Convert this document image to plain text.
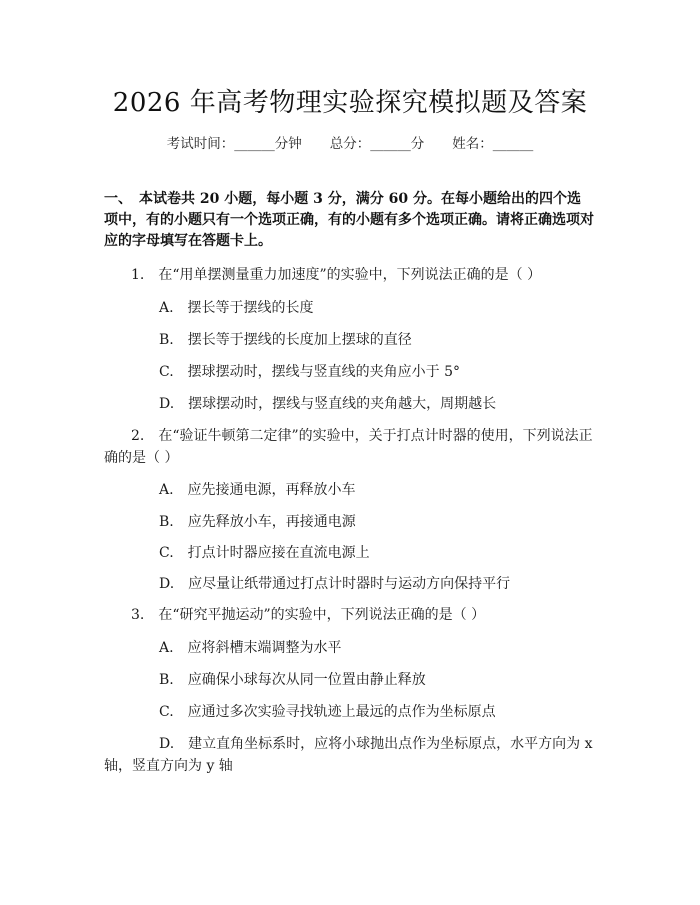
2026 年高考物理实验探究模拟题及答案
考试时间：______分钟 总分：______分 姓名：______
一、　本试卷共 20 小题，每小题 3 分，满分 60 分。在每小题给出的四个选项中，有的小题只有一个选项正确，有的小题有多个选项正确。请将正确选项对应的字母填写在答题卡上。
1.　在“用单摆测量重力加速度”的实验中，下列说法正确的是（ ）
A.　摆长等于摆线的长度
B.　摆长等于摆线的长度加上摆球的直径
C.　摆球摆动时，摆线与竖直线的夹角应小于 5°
D.　摆球摆动时，摆线与竖直线的夹角越大，周期越长
2.　在“验证牛顿第二定律”的实验中，关于打点计时器的使用，下列说法正
确的是（ ）
A.　应先接通电源，再释放小车
B.　应先释放小车，再接通电源
C.　打点计时器应接在直流电源上
D.　应尽量让纸带通过打点计时器时与运动方向保持平行
3.　在“研究平抛运动”的实验中，下列说法正确的是（ ）
A.　应将斜槽末端调整为水平
B.　应确保小球每次从同一位置由静止释放
C.　应通过多次实验寻找轨迹上最远的点作为坐标原点
D.　建立直角坐标系时，应将小球抛出点作为坐标原点，水平方向为 x
轴，竖直方向为 y 轴
